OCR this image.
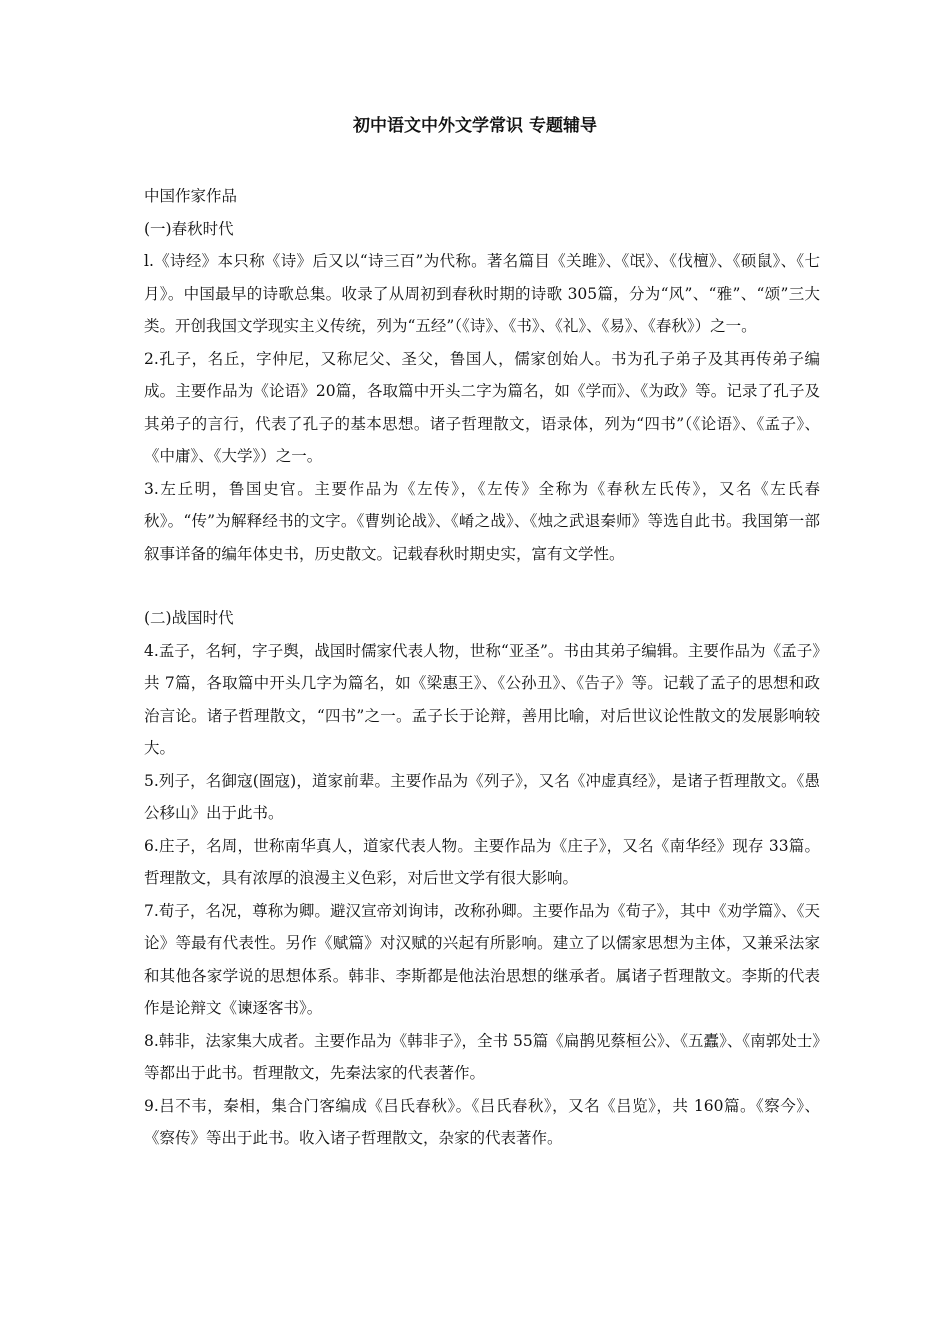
初中语文中外文学常识 专题辅导
中国作家作品
(一)春秋时代
l.《诗经》本只称《诗》后又以“诗三百”为代称。著名篇目《关雎》、《氓》、《伐檀》、《硕鼠》、《七月》。中国最早的诗歌总集。收录了从周初到春秋时期的诗歌 305篇，分为“风”、“雅”、“颂”三大类。开创我国文学现实主义传统，列为“五经”（《诗》、《书》、《礼》、《易》、《春秋》）之一。
2.孔子，名丘，字仲尼，又称尼父、圣父，鲁国人，儒家创始人。书为孔子弟子及其再传弟子编成。主要作品为《论语》20篇，各取篇中开头二字为篇名，如《学而》、《为政》等。记录了孔子及其弟子的言行，代表了孔子的基本思想。诸子哲理散文，语录体，列为“四书”（《论语》、《孟子》、《中庸》、《大学》）之一。
3.左丘明，鲁国史官。主要作品为《左传》，《左传》全称为《春秋左氏传》，又名《左氏春秋》。“传”为解释经书的文字。《曹刿论战》、《崤之战》、《烛之武退秦师》等选自此书。我国第一部叙事详备的编年体史书，历史散文。记载春秋时期史实，富有文学性。
(二)战国时代
4.孟子，名轲，字子舆，战国时儒家代表人物，世称“亚圣”。书由其弟子编辑。主要作品为《孟子》共 7篇，各取篇中开头几字为篇名，如《梁惠王》、《公孙丑》、《告子》等。记载了孟子的思想和政治言论。诸子哲理散文，“四书”之一。孟子长于论辩，善用比喻，对后世议论性散文的发展影响较大。
5.列子，名御寇(圄寇)，道家前辈。主要作品为《列子》，又名《冲虚真经》，是诸子哲理散文。《愚公移山》出于此书。
6.庄子，名周，世称南华真人，道家代表人物。主要作品为《庄子》，又名《南华经》现存 33篇。哲理散文，具有浓厚的浪漫主义色彩，对后世文学有很大影响。
7.荀子，名况，尊称为卿。避汉宣帝刘询讳，改称孙卿。主要作品为《荀子》，其中《劝学篇》、《天论》等最有代表性。另作《赋篇》对汉赋的兴起有所影响。建立了以儒家思想为主体，又兼采法家和其他各家学说的思想体系。韩非、李斯都是他法治思想的继承者。属诸子哲理散文。李斯的代表作是论辩文《谏逐客书》。
8.韩非，法家集大成者。主要作品为《韩非子》，全书 55篇《扁鹊见蔡桓公》、《五蠹》、《南郭处士》等都出于此书。哲理散文，先秦法家的代表著作。
9.吕不韦，秦相，集合门客编成《吕氏春秋》。《吕氏春秋》，又名《吕览》，共 160篇。《察今》、《察传》等出于此书。收入诸子哲理散文，杂家的代表著作。
